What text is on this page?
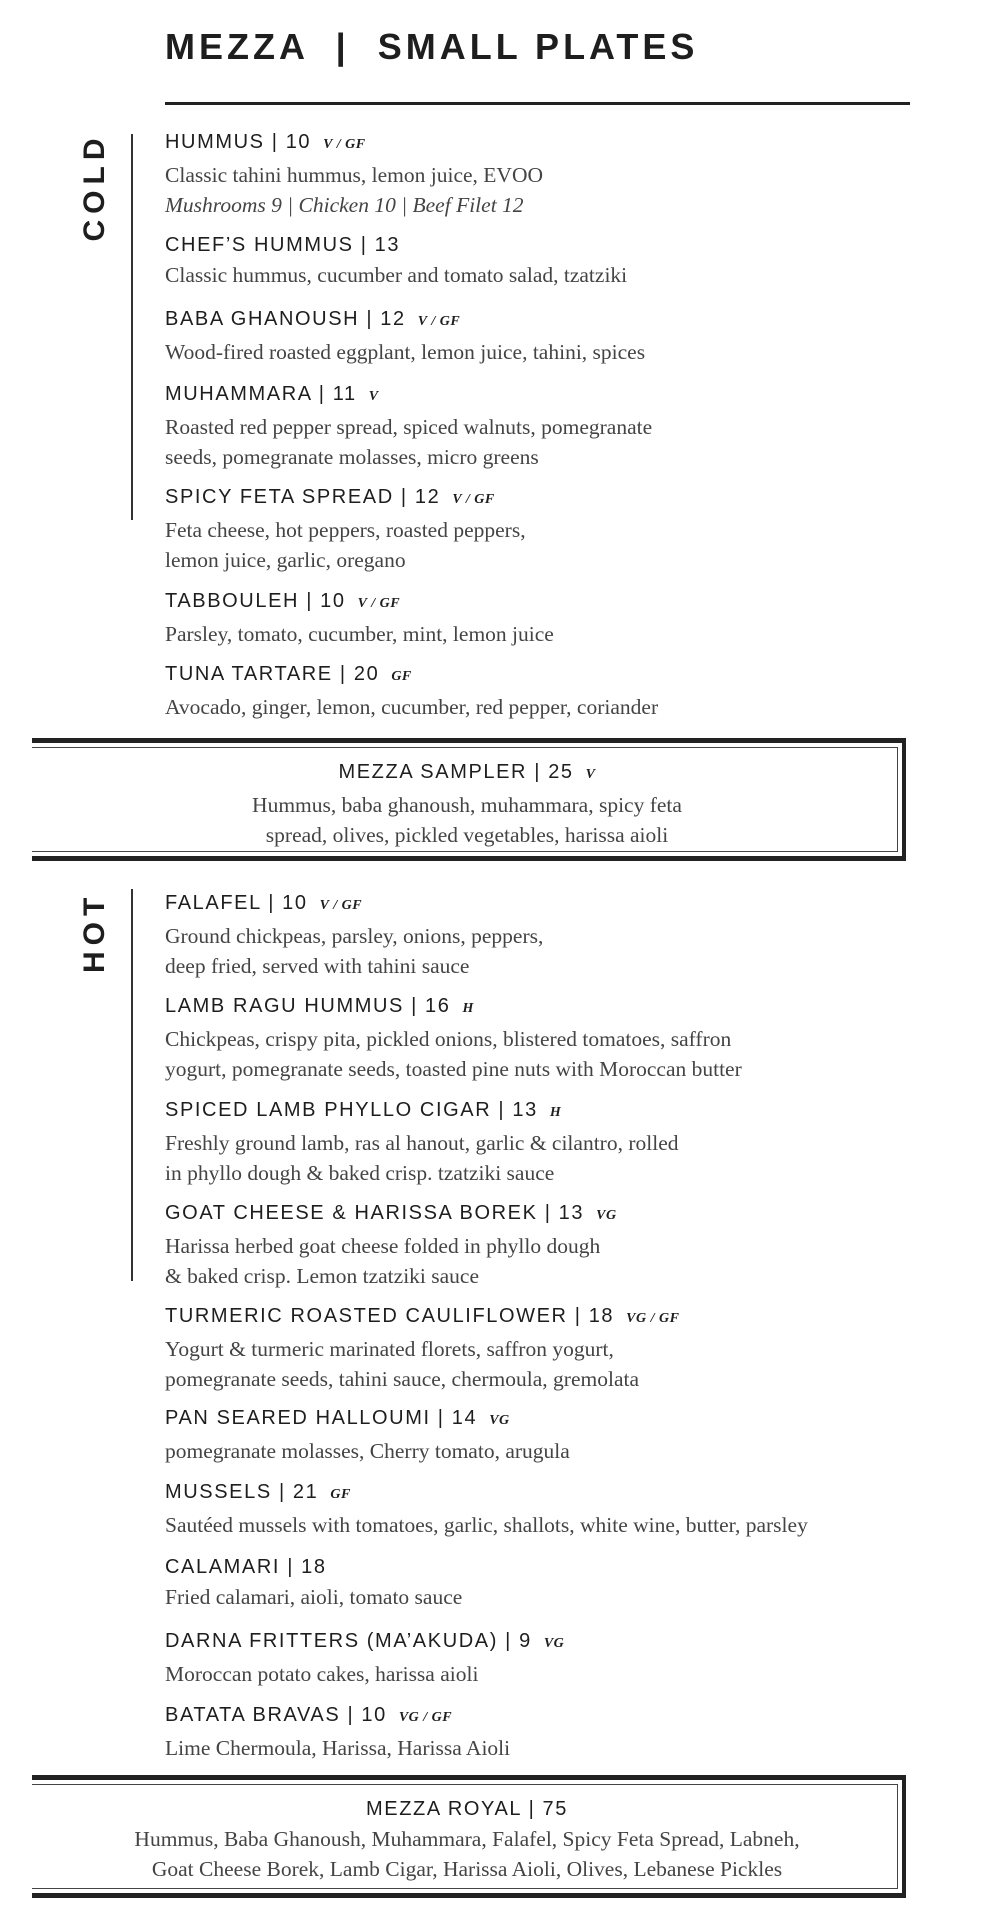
MEZZA  |  SMALL PLATES
COLD	HUMMUS | 10 V / GF
Classic tahini hummus, lemon juice, EVOO
Mushrooms 9 | Chicken 10 | Beef Filet 12
CHEF’S HUMMUS | 13
Classic hummus, cucumber and tomato salad, tzatziki
BABA GHANOUSH | 12 V / GF
Wood-fired roasted eggplant, lemon juice, tahini, spices
MUHAMMARA | 11 V
Roasted red pepper spread, spiced walnuts, pomegranate
seeds, pomegranate molasses, micro greens
SPICY FETA SPREAD | 12 V / GF
Feta cheese, hot peppers, roasted peppers,
lemon juice, garlic, oregano
TABBOULEH | 10 V / GF
Parsley, tomato, cucumber, mint, lemon juice
TUNA TARTARE | 20 GF
Avocado, ginger, lemon, cucumber, red pepper, coriander
MEZZA SAMPLER | 25 V
Hummus, baba ghanoush, muhammara, spicy feta
spread, olives, pickled vegetables, harissa aioli
HOT	FALAFEL | 10 V / GF
Ground chickpeas, parsley, onions, peppers,
deep fried, served with tahini sauce
LAMB RAGU HUMMUS | 16 H
Chickpeas, crispy pita, pickled onions, blistered tomatoes, saffron
yogurt, pomegranate seeds, toasted pine nuts with Moroccan butter
SPICED LAMB PHYLLO CIGAR | 13 H
Freshly ground lamb, ras al hanout, garlic & cilantro, rolled
in phyllo dough & baked crisp. tzatziki sauce
GOAT CHEESE & HARISSA BOREK | 13 VG
Harissa herbed goat cheese folded in phyllo dough
& baked crisp. Lemon tzatziki sauce
TURMERIC ROASTED CAULIFLOWER | 18 VG / GF
Yogurt & turmeric marinated florets, saffron yogurt,
pomegranate seeds, tahini sauce, chermoula, gremolata
PAN SEARED HALLOUMI | 14 VG
pomegranate molasses, Cherry tomato, arugula
MUSSELS | 21 GF
Sautéed mussels with tomatoes, garlic, shallots, white wine, butter, parsley
CALAMARI | 18
Fried calamari, aioli, tomato sauce
DARNA FRITTERS (MA’AKUDA) | 9 VG
Moroccan potato cakes, harissa aioli
BATATA BRAVAS | 10 VG / GF
Lime Chermoula, Harissa, Harissa Aioli
MEZZA ROYAL | 75
Hummus, Baba Ghanoush, Muhammara, Falafel, Spicy Feta Spread, Labneh,
Goat Cheese Borek, Lamb Cigar, Harissa Aioli, Olives, Lebanese Pickles
